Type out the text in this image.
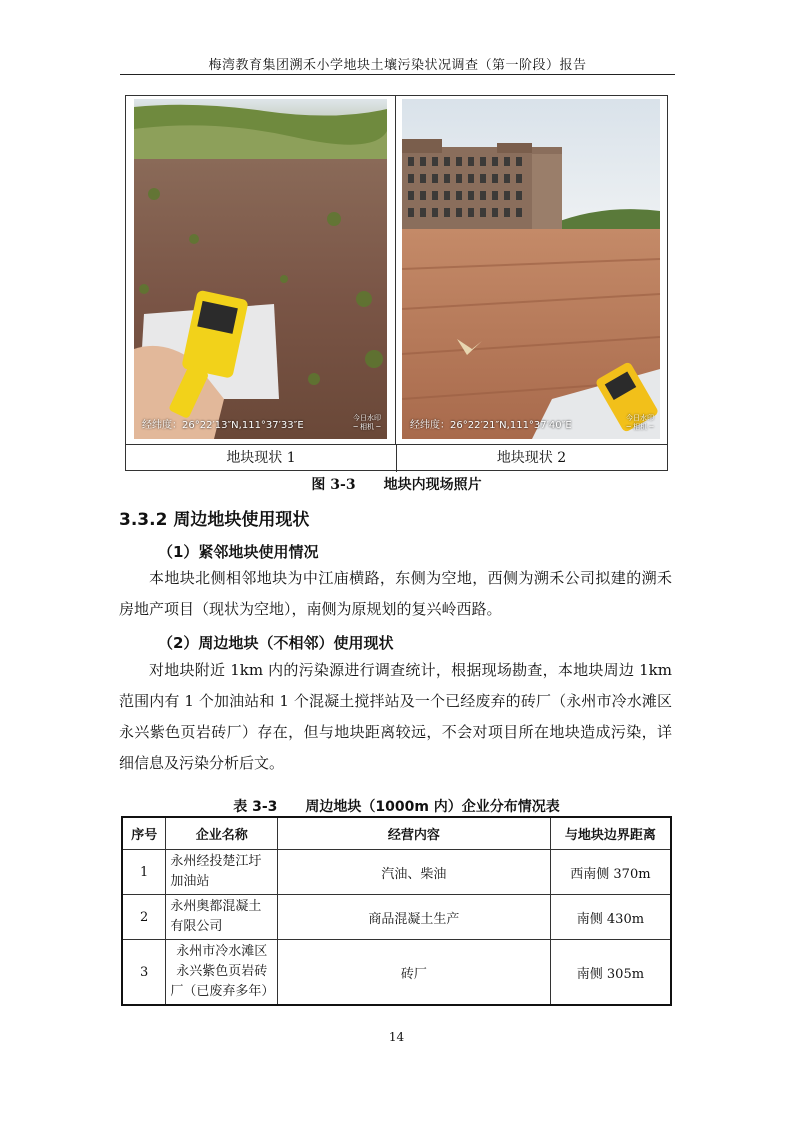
梅湾教育集团溯禾小学地块土壤污染状况调查（第一阶段）报告
经纬度：26°22′13″N,111°37′33″E
今日水印
─ 相机 ─	经纬度：26°22′21″N,111°37′40″E
今日水印
─ 相机 ─
地块现状 1	地块现状 2
图 3-3　　地块内现场照片
3.3.2 周边地块使用现状
（1）紧邻地块使用情况
本地块北侧相邻地块为中江庙横路，东侧为空地，西侧为溯禾公司拟建的溯禾房地产项目（现状为空地），南侧为原规划的复兴岭西路。
（2）周边地块（不相邻）使用现状
对地块附近 1km 内的污染源进行调查统计，根据现场勘查，本地块周边 1km 范围内有 1 个加油站和 1 个混凝土搅拌站及一个已经废弃的砖厂（永州市冷水滩区永兴紫色页岩砖厂）存在，但与地块距离较远，不会对项目所在地块造成污染，详细信息及污染分析后文。
表 3-3　　周边地块（1000m 内）企业分布情况表
序号	企业名称	经营内容	与地块边界距离
1	永州经投楚江圩加油站	汽油、柴油	西南侧 370m
2	永州奥都混凝土有限公司	商品混凝土生产	南侧 430m
3	永州市冷水滩区永兴紫色页岩砖厂（已废弃多年）	砖厂	南侧 305m
14
